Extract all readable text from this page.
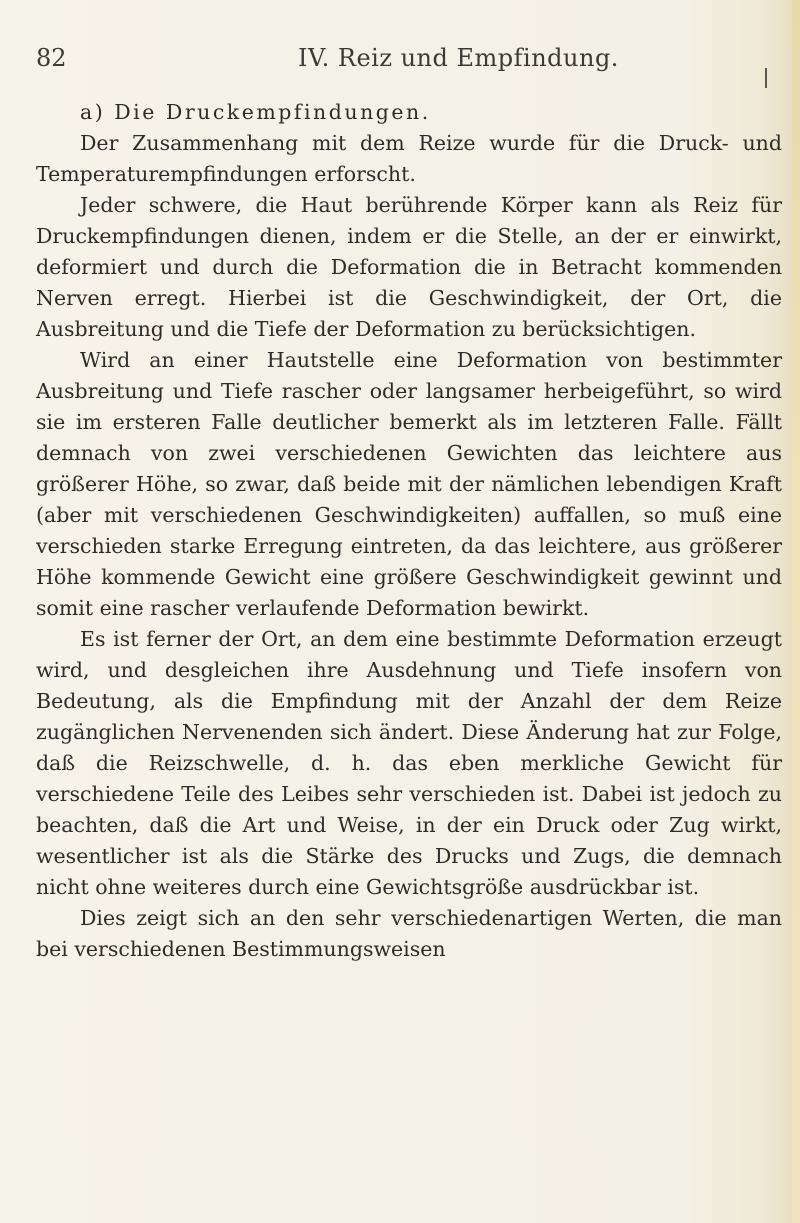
82	IV. Reiz und Empfindung.
a) Die Druckempfindungen.

Der Zusammenhang mit dem Reize wurde für die Druck- und Temperaturempfindungen erforscht.

Jeder schwere, die Haut berührende Körper kann als Reiz für Druckempfindungen dienen, indem er die Stelle, an der er einwirkt, deformiert und durch die Deformation die in Betracht kommenden Nerven erregt. Hierbei ist die Geschwindigkeit, der Ort, die Ausbreitung und die Tiefe der Deformation zu berücksichtigen.

Wird an einer Hautstelle eine Deformation von bestimmter Ausbreitung und Tiefe rascher oder langsamer herbeigeführt, so wird sie im ersteren Falle deutlicher bemerkt als im letzteren Falle. Fällt demnach von zwei verschiedenen Gewichten das leichtere aus größerer Höhe, so zwar, daß beide mit der nämlichen lebendigen Kraft (aber mit verschiedenen Geschwindigkeiten) auffallen, so muß eine verschieden starke Erregung eintreten, da das leichtere, aus größerer Höhe kommende Gewicht eine größere Geschwindigkeit gewinnt und somit eine rascher verlaufende Deformation bewirkt.

Es ist ferner der Ort, an dem eine bestimmte Deformation erzeugt wird, und desgleichen ihre Ausdehnung und Tiefe insofern von Bedeutung, als die Empfindung mit der Anzahl der dem Reize zugänglichen Nervenenden sich ändert. Diese Änderung hat zur Folge, daß die Reizschwelle, d. h. das eben merkliche Gewicht für verschiedene Teile des Leibes sehr verschieden ist. Dabei ist jedoch zu beachten, daß die Art und Weise, in der ein Druck oder Zug wirkt, wesentlicher ist als die Stärke des Drucks und Zugs, die demnach nicht ohne weiteres durch eine Gewichtsgröße ausdrückbar ist.

Dies zeigt sich an den sehr verschiedenartigen Werten, die man bei verschiedenen Bestimmungsweisen
